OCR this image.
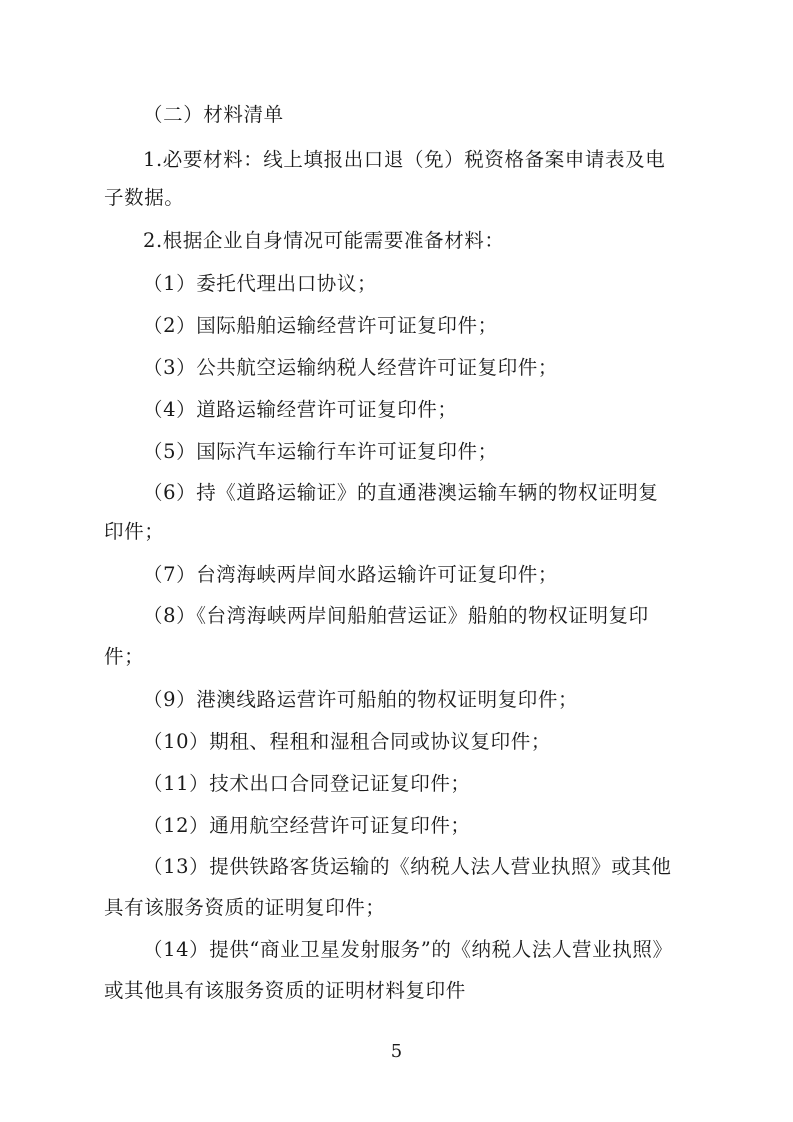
（二）材料清单
1.必要材料：线上填报出口退（免）税资格备案申请表及电
子数据。
2.根据企业自身情况可能需要准备材料：
（1）委托代理出口协议；
（2）国际船舶运输经营许可证复印件；
（3）公共航空运输纳税人经营许可证复印件；
（4）道路运输经营许可证复印件；
（5）国际汽车运输行车许可证复印件；
（6）持《道路运输证》的直通港澳运输车辆的物权证明复
印件；
（7）台湾海峡两岸间水路运输许可证复印件；
（8）《台湾海峡两岸间船舶营运证》船舶的物权证明复印
件；
（9）港澳线路运营许可船舶的物权证明复印件；
（10）期租、程租和湿租合同或协议复印件；
（11）技术出口合同登记证复印件；
（12）通用航空经营许可证复印件；
（13）提供铁路客货运输的《纳税人法人营业执照》或其他
具有该服务资质的证明复印件；
（14）提供“商业卫星发射服务”的《纳税人法人营业执照》
或其他具有该服务资质的证明材料复印件
5
